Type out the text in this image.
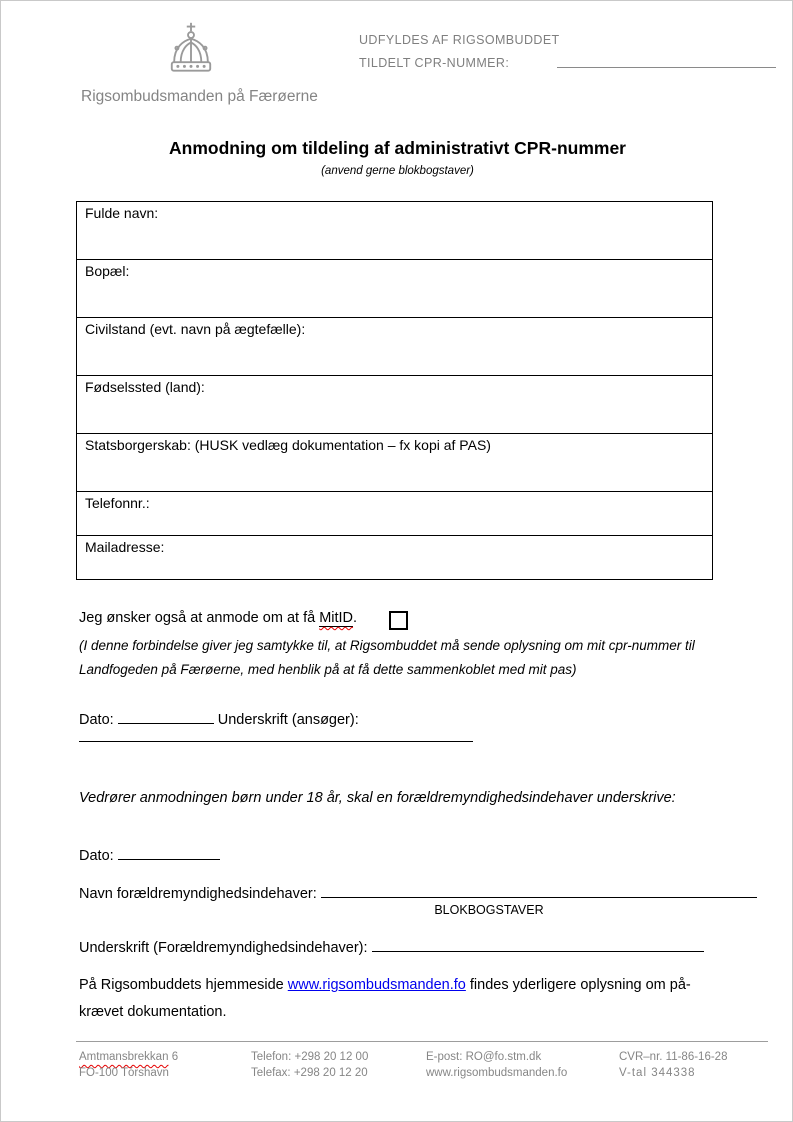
Rigsombudsmanden på Færøerne
UDFYLDES AF RIGSOMBUDDET
TILDELT CPR-NUMMER:
Anmodning om tildeling af administrativt CPR-nummer
(anvend gerne blokbogstaver)
Fulde navn:
Bopæl:
Civilstand (evt. navn på ægtefælle):
Fødselssted (land):
Statsborgerskab: (HUSK vedlæg dokumentation – fx kopi af PAS)
Telefonnr.:
Mailadresse:
Jeg ønsker også at anmode om at få MitID.
(I denne forbindelse giver jeg samtykke til, at Rigsombuddet må sende oplysning om mit cpr-nummer til
Landfogeden på Færøerne, med henblik på at få dette sammenkoblet med mit pas)
Dato:	Underskrift (ansøger):
Vedrører anmodningen børn under 18 år, skal en forældremyndighedsindehaver underskrive:
Dato:
Navn forældremyndighedsindehaver:
BLOKBOGSTAVER
Underskrift (Forældremyndighedsindehaver):
På Rigsombuddets hjemmeside www.rigsombudsmanden.fo findes yderligere oplysning om på-
krævet dokumentation.
Amtmansbrekkan 6
FO-100 Tórshavn
Telefon: +298 20 12 00
Telefax: +298 20 12 20
E-post: RO@fo.stm.dk
www.rigsombudsmanden.fo
CVR–nr. 11-86-16-28
V-tal 344338
